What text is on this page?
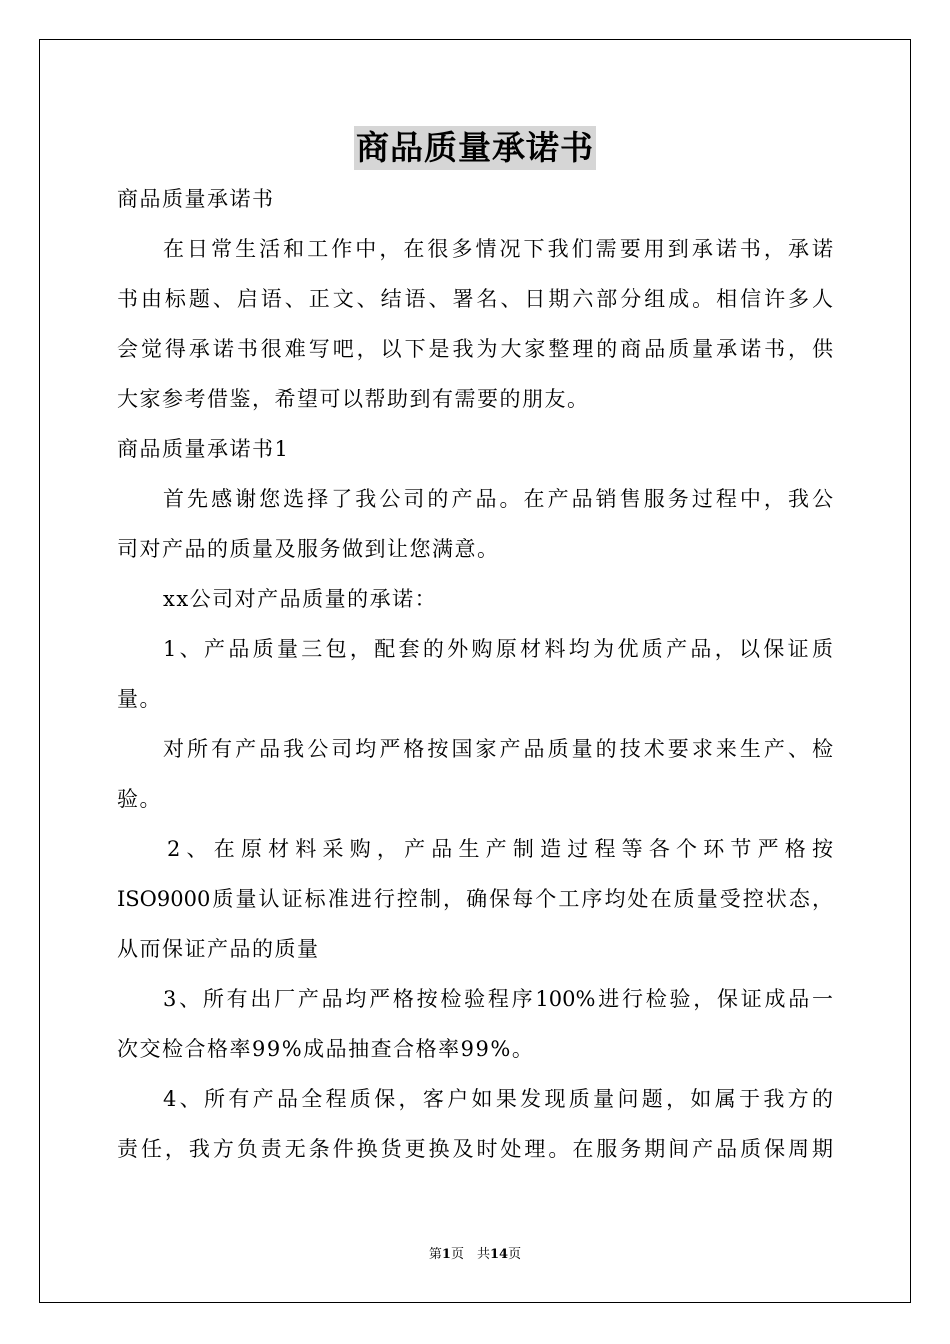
商品质量承诺书
商品质量承诺书
在日常生活和工作中，在很多情况下我们需要用到承诺书，承诺
书由标题、启语、正文、结语、署名、日期六部分组成。相信许多人
会觉得承诺书很难写吧，以下是我为大家整理的商品质量承诺书，供
大家参考借鉴，希望可以帮助到有需要的朋友。
商品质量承诺书1
首先感谢您选择了我公司的产品。在产品销售服务过程中，我公
司对产品的质量及服务做到让您满意。
xx公司对产品质量的承诺：
1、产品质量三包，配套的外购原材料均为优质产品，以保证质
量。
对所有产品我公司均严格按国家产品质量的技术要求来生产、检
验。
2、在原材料采购，产品生产制造过程等各个环节严格按
ISO9000质量认证标准进行控制，确保每个工序均处在质量受控状态，
从而保证产品的质量
3、所有出厂产品均严格按检验程序100%进行检验，保证成品一
次交检合格率99%成品抽查合格率99%。
4、所有产品全程质保，客户如果发现质量问题，如属于我方的
责任，我方负责无条件换货更换及时处理。在服务期间产品质保周期
第1页　共14页
